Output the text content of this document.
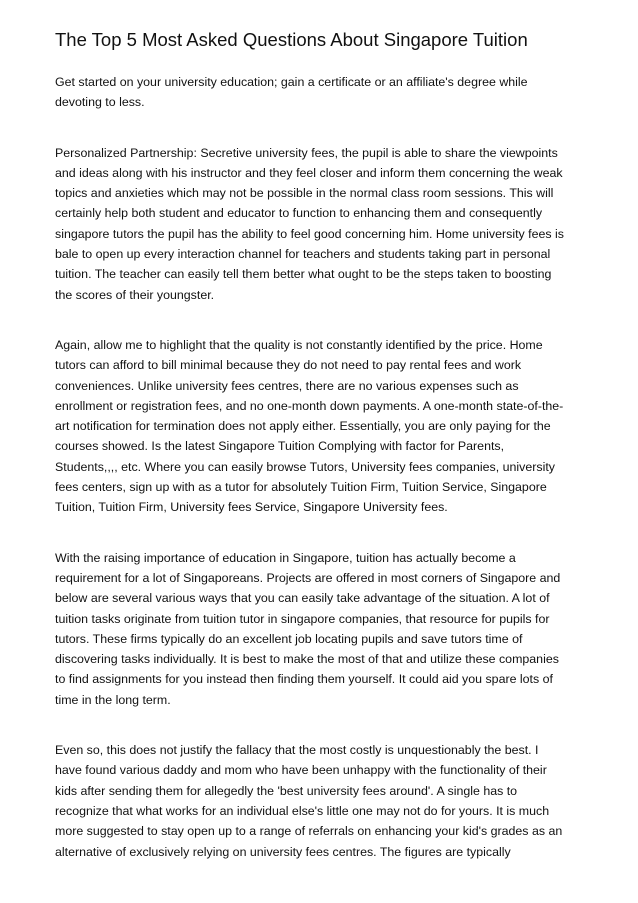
The Top 5 Most Asked Questions About Singapore Tuition

Get started on your university education; gain a certificate or an affiliate's degree while
devoting to less.

Personalized Partnership: Secretive university fees, the pupil is able to share the viewpoints
and ideas along with his instructor and they feel closer and inform them concerning the weak
topics and anxieties which may not be possible in the normal class room sessions. This will
certainly help both student and educator to function to enhancing them and consequently
singapore tutors the pupil has the ability to feel good concerning him. Home university fees is
bale to open up every interaction channel for teachers and students taking part in personal
tuition. The teacher can easily tell them better what ought to be the steps taken to boosting
the scores of their youngster.

Again, allow me to highlight that the quality is not constantly identified by the price. Home
tutors can afford to bill minimal because they do not need to pay rental fees and work
conveniences. Unlike university fees centres, there are no various expenses such as
enrollment or registration fees, and no one-month down payments. A one-month state-of-the-
art notification for termination does not apply either. Essentially, you are only paying for the
courses showed. Is the latest Singapore Tuition Complying with factor for Parents,
Students,,,, etc. Where you can easily browse Tutors, University fees companies, university
fees centers, sign up with as a tutor for absolutely Tuition Firm, Tuition Service, Singapore
Tuition, Tuition Firm, University fees Service, Singapore University fees.

With the raising importance of education in Singapore, tuition has actually become a
requirement for a lot of Singaporeans. Projects are offered in most corners of Singapore and
below are several various ways that you can easily take advantage of the situation. A lot of
tuition tasks originate from tuition tutor in singapore companies, that resource for pupils for
tutors. These firms typically do an excellent job locating pupils and save tutors time of
discovering tasks individually. It is best to make the most of that and utilize these companies
to find assignments for you instead then finding them yourself. It could aid you spare lots of
time in the long term.

Even so, this does not justify the fallacy that the most costly is unquestionably the best. I
have found various daddy and mom who have been unhappy with the functionality of their
kids after sending them for allegedly the 'best university fees around'. A single has to
recognize that what works for an individual else's little one may not do for yours. It is much
more suggested to stay open up to a range of referrals on enhancing your kid's grades as an
alternative of exclusively relying on university fees centres. The figures are typically
